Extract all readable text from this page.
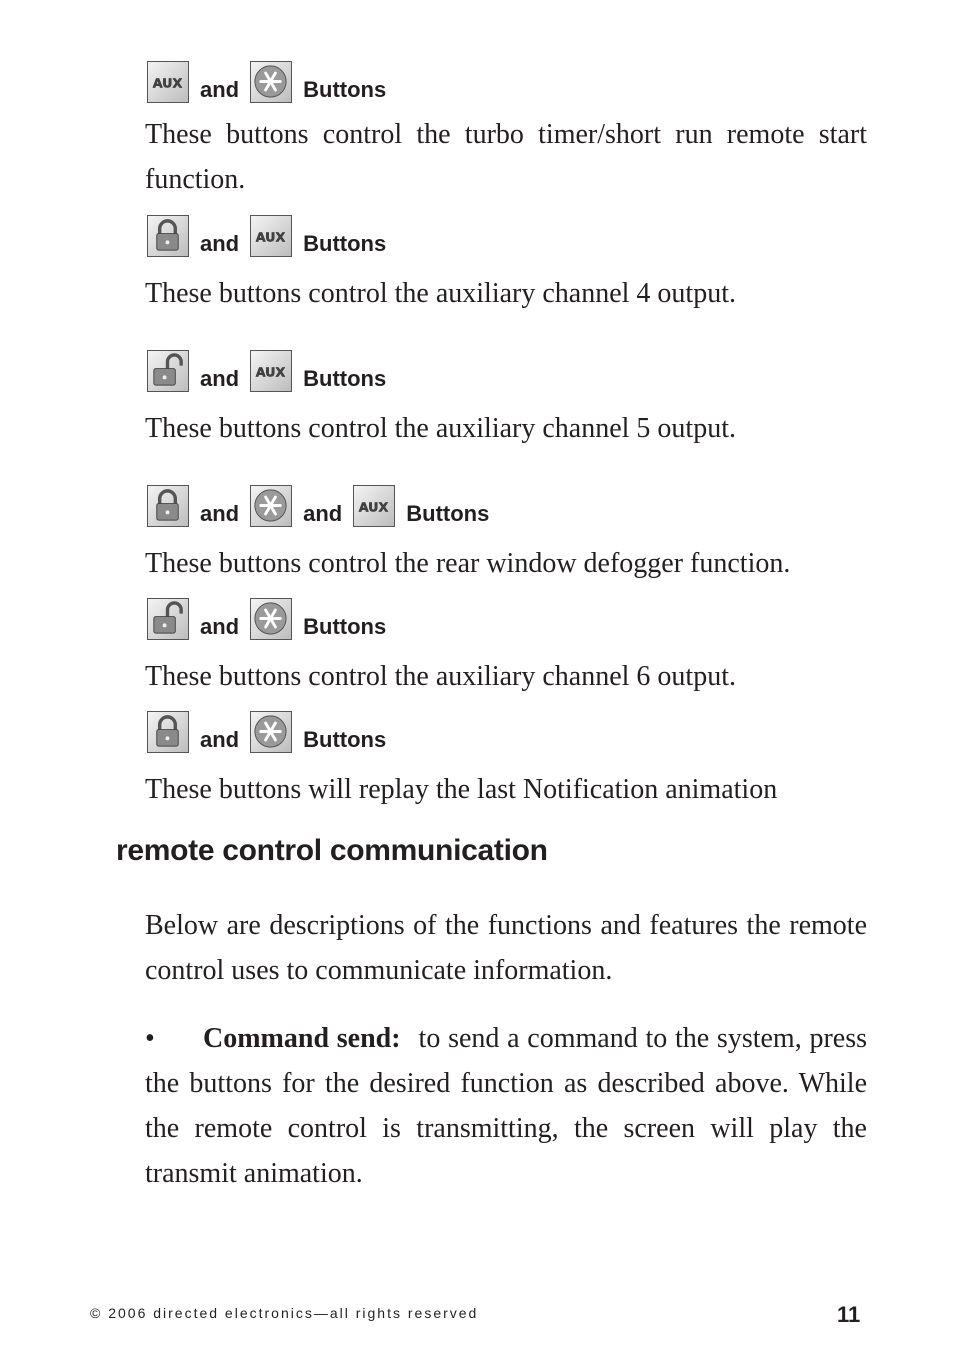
AUX and	Buttons

These buttons control the turbo timer/short run remote start function.

and AUX Buttons

These buttons control the auxiliary channel 4 output.

and AUX Buttons

These buttons control the auxiliary channel 5 output.

and	and AUX Buttons

These buttons control the rear window defogger function.

and	Buttons

These buttons control the auxiliary channel 6 output.

and	Buttons

These buttons will replay the last Notification animation

remote control communication

Below are descriptions of the functions and features the remote control uses to communicate information.

• Command send: to send a command to the system, press the buttons for the desired function as described above. While the remote control is transmitting, the screen will play the transmit animation.

© 2006 directed electronics—all rights reserved	11
